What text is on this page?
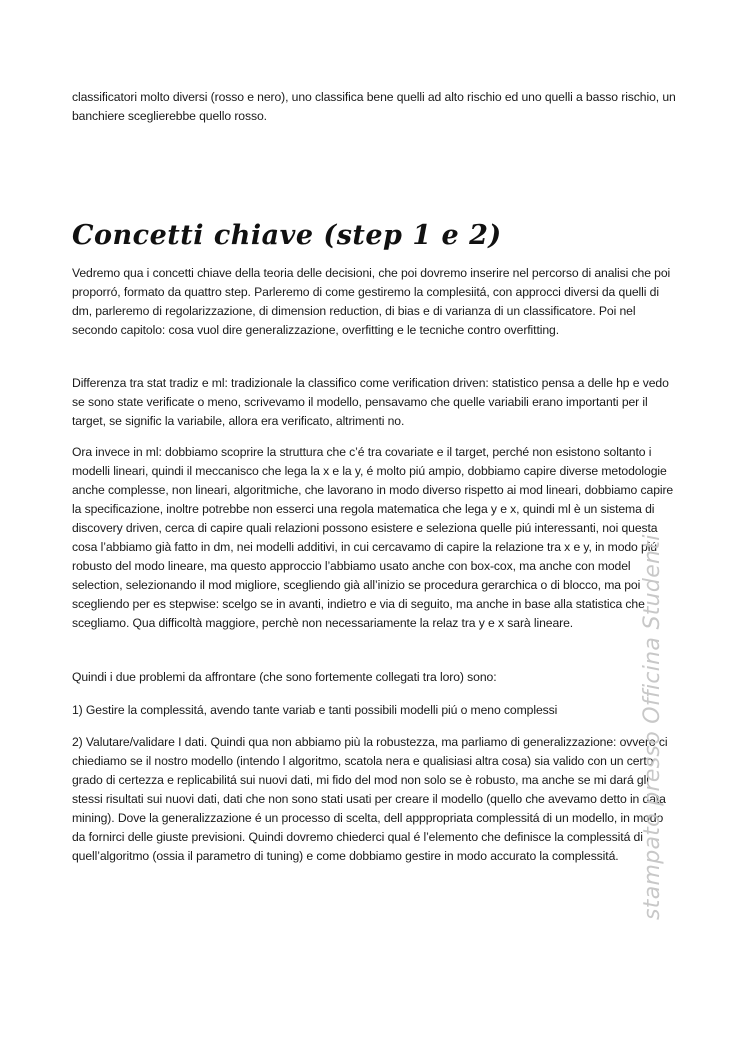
classificatori molto diversi (rosso e nero), uno classifica bene quelli ad alto rischio ed uno quelli a basso rischio, un banchiere sceglierebbe quello rosso.

Concetti chiave (step 1 e 2)

Vedremo qua i concetti chiave della teoria delle decisioni, che poi dovremo inserire nel percorso di analisi che poi proporró, formato da quattro step. Parleremo di come gestiremo la complesiitá, con approcci diversi da quelli di dm, parleremo di regolarizzazione, di dimension reduction, di bias e di varianza di un classificatore. Poi nel secondo capitolo: cosa vuol dire generalizzazione, overfitting e le tecniche contro overfitting.

Differenza tra stat tradiz e ml: tradizionale la classifico come verification driven: statistico pensa a delle hp e vedo se sono state verificate o meno, scrivevamo il modello, pensavamo che quelle variabili erano importanti per il target, se signific la variabile, allora era verificato, altrimenti no.

Ora invece in ml: dobbiamo scoprire la struttura che c’é tra covariate e il target, perché non esistono soltanto i modelli lineari, quindi il meccanisco che lega la x e la y, é molto piú ampio, dobbiamo capire diverse metodologie anche complesse, non lineari, algoritmiche, che lavorano in modo diverso rispetto ai mod lineari, dobbiamo capire la specificazione, inoltre potrebbe non esserci una regola matematica che lega y e x, quindi ml è un sistema di discovery driven, cerca di capire quali relazioni possono esistere e seleziona quelle piú interessanti, noi questa cosa l’abbiamo già fatto in dm, nei modelli additivi, in cui cercavamo di capire la relazione tra x e y, in modo piú robusto del modo lineare, ma questo approccio l’abbiamo usato anche con box-cox, ma anche con model selection, selezionando il mod migliore, scegliendo già all’inizio se procedura gerarchica o di blocco, ma poi scegliendo per es stepwise: scelgo se in avanti, indietro e via di seguito, ma anche in base alla statistica che scegliamo. Qua difficoltà maggiore, perchè non necessariamente la relaz tra y e x sarà lineare.

Quindi i due problemi da affrontare (che sono fortemente collegati tra loro) sono:

1) Gestire la complessitá, avendo tante variab e tanti possibili modelli piú o meno complessi

2) Valutare/validare I dati. Quindi qua non abbiamo più la robustezza, ma parliamo di generalizzazione: ovvero ci chiediamo se il nostro modello (intendo l algoritmo, scatola nera e qualisiasi altra cosa) sia valido con un certo grado di certezza e replicabilitá sui nuovi dati, mi fido del mod non solo se è robusto, ma anche se mi dará gli stessi risultati sui nuovi dati, dati che non sono stati usati per creare il modello (quello che avevamo detto in data mining). Dove la generalizzazione é un processo di scelta, dell apppropriata complessitá di un modello, in modo da fornirci delle giuste previsioni. Quindi dovremo chiederci qual é l’elemento che definisce la complessitá di quell’algoritmo (ossia il parametro di tuning) e come dobbiamo gestire in modo accurato la complessitá. stampato presso Officina Studenti
